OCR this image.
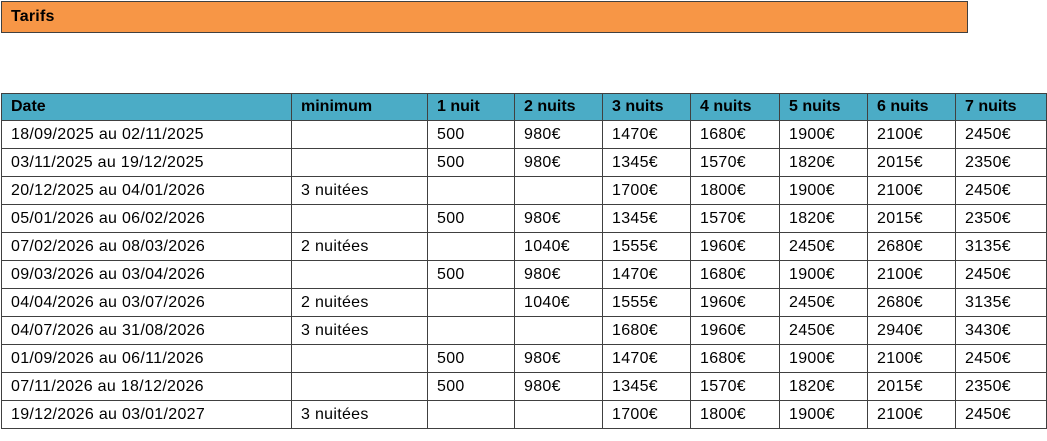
Tarifs
Date	minimum	1 nuit	2 nuits	3 nuits	4 nuits	5 nuits	6 nuits	7 nuits
18/09/2025 au 02/11/2025		500	980€	1470€	1680€	1900€	2100€	2450€
03/11/2025 au 19/12/2025		500	980€	1345€	1570€	1820€	2015€	2350€
20/12/2025 au 04/01/2026	3 nuitées			1700€	1800€	1900€	2100€	2450€
05/01/2026 au 06/02/2026		500	980€	1345€	1570€	1820€	2015€	2350€
07/02/2026 au 08/03/2026	2 nuitées		1040€	1555€	1960€	2450€	2680€	3135€
09/03/2026 au 03/04/2026		500	980€	1470€	1680€	1900€	2100€	2450€
04/04/2026 au 03/07/2026	2 nuitées		1040€	1555€	1960€	2450€	2680€	3135€
04/07/2026 au 31/08/2026	3 nuitées			1680€	1960€	2450€	2940€	3430€
01/09/2026 au 06/11/2026		500	980€	1470€	1680€	1900€	2100€	2450€
07/11/2026 au 18/12/2026		500	980€	1345€	1570€	1820€	2015€	2350€
19/12/2026 au 03/01/2027	3 nuitées			1700€	1800€	1900€	2100€	2450€
